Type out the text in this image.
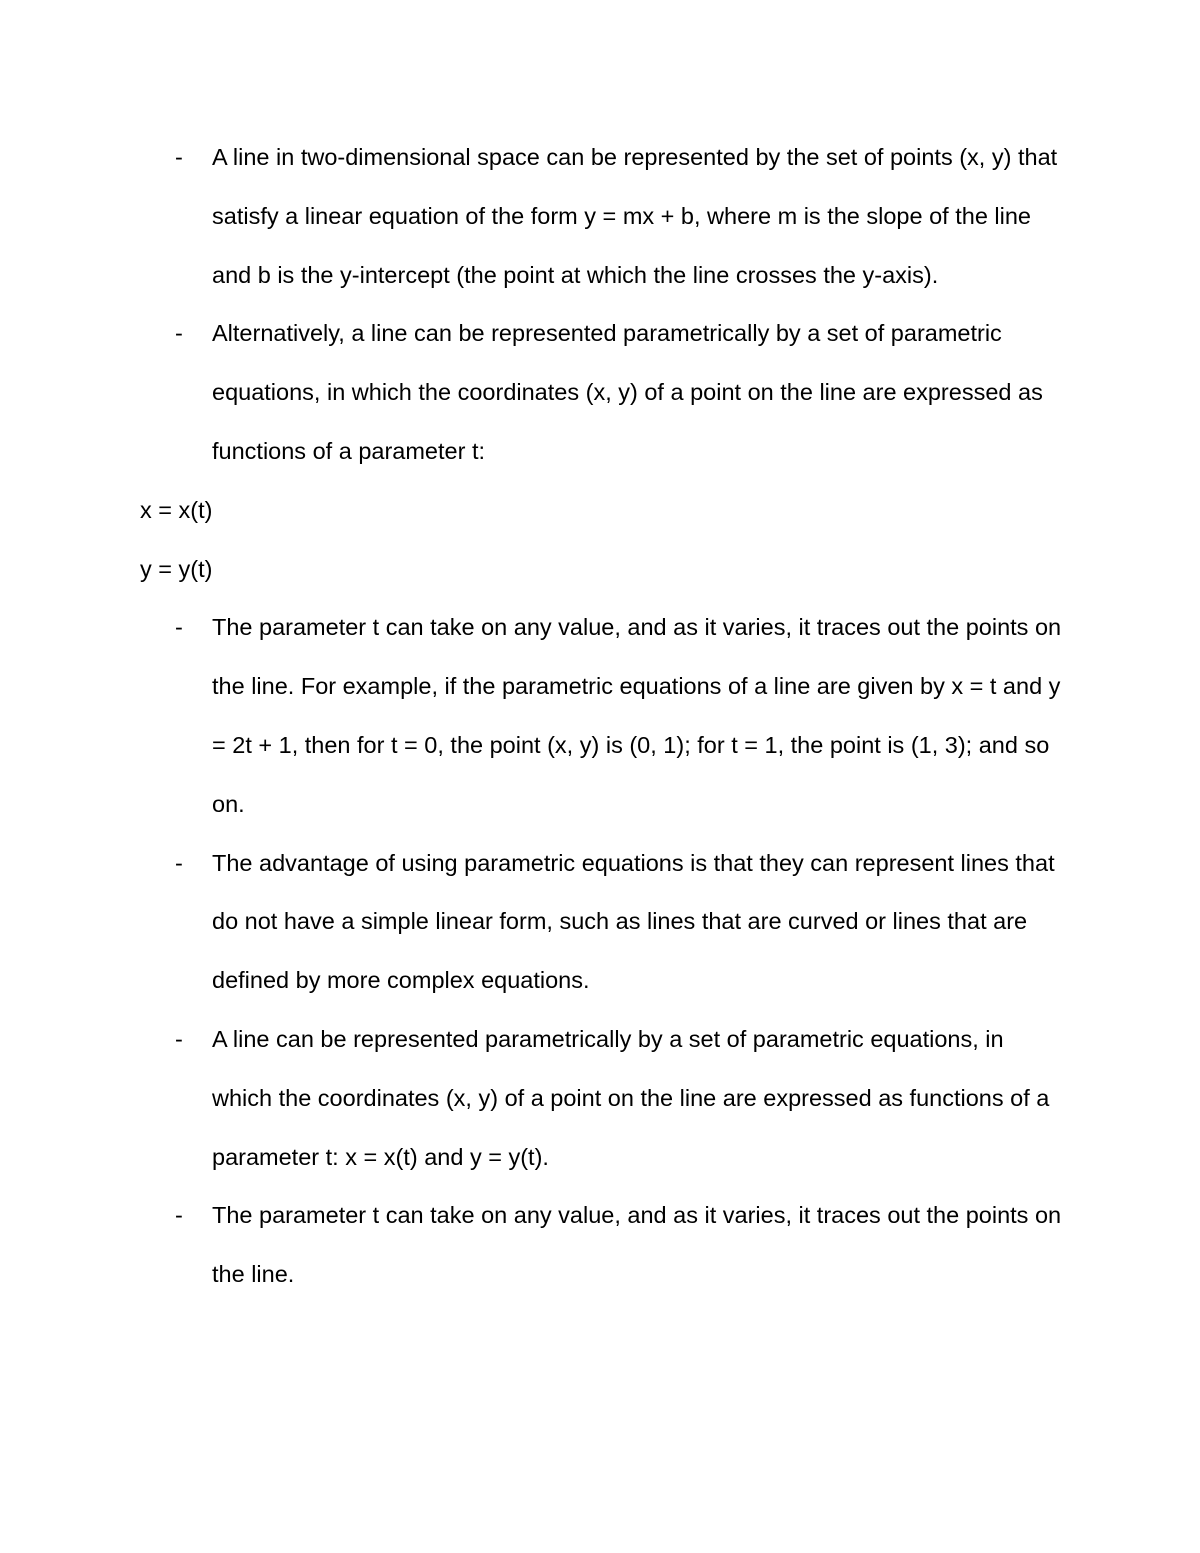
- A line in two-dimensional space can be represented by the set of points (x, y) that satisfy a linear equation of the form y = mx + b, where m is the slope of the line and b is the y-intercept (the point at which the line crosses the y-axis).

- Alternatively, a line can be represented parametrically by a set of parametric equations, in which the coordinates (x, y) of a point on the line are expressed as functions of a parameter t:

x = x(t)

y = y(t)

- The parameter t can take on any value, and as it varies, it traces out the points on the line. For example, if the parametric equations of a line are given by x = t and y = 2t + 1, then for t = 0, the point (x, y) is (0, 1); for t = 1, the point is (1, 3); and so on.

- The advantage of using parametric equations is that they can represent lines that do not have a simple linear form, such as lines that are curved or lines that are defined by more complex equations.

- A line can be represented parametrically by a set of parametric equations, in which the coordinates (x, y) of a point on the line are expressed as functions of a parameter t: x = x(t) and y = y(t).

- The parameter t can take on any value, and as it varies, it traces out the points on the line.
